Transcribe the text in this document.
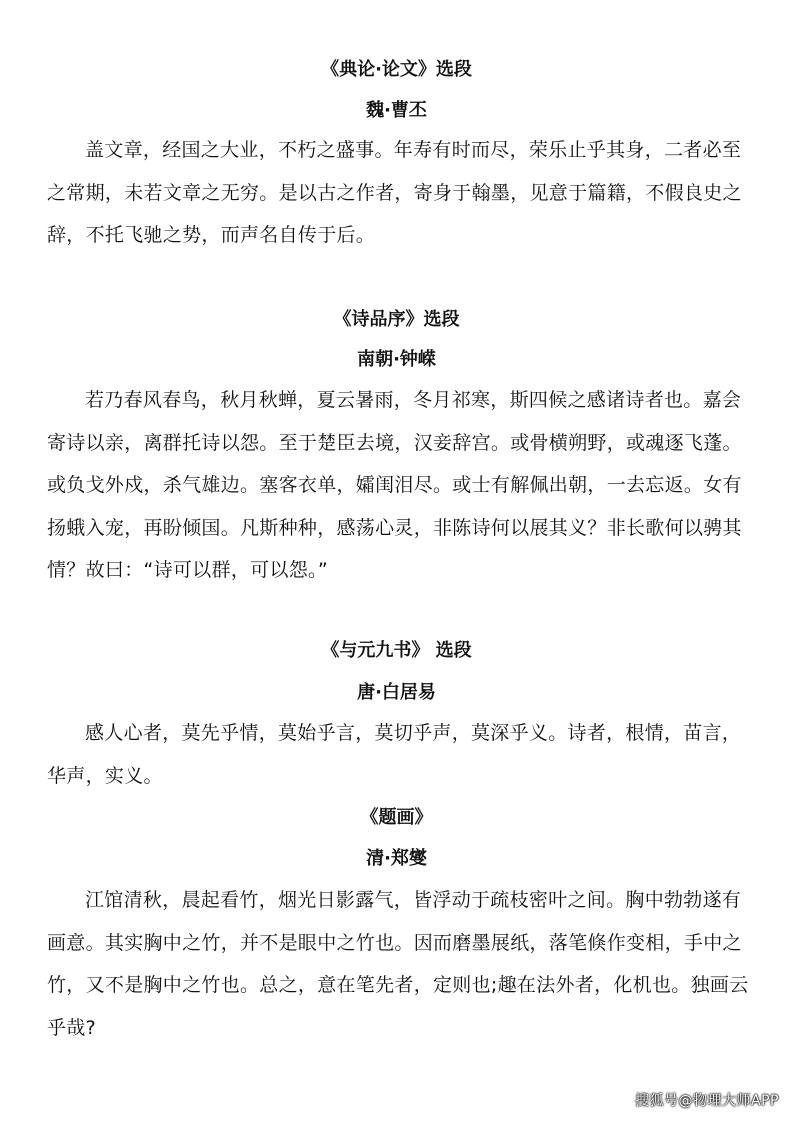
《典论·论文》选段
魏·曹丕

盖文章，经国之大业，不朽之盛事。年寿有时而尽，荣乐止乎其身，二者必至之常期，未若文章之无穷。是以古之作者，寄身于翰墨，见意于篇籍，不假良史之辞，不托飞驰之势，而声名自传于后。

《诗品序》选段
南朝·钟嵘

若乃春风春鸟，秋月秋蝉，夏云暑雨，冬月祁寒，斯四候之感诸诗者也。嘉会寄诗以亲，离群托诗以怨。至于楚臣去境，汉妾辞宫。或骨横朔野，或魂逐飞蓬。或负戈外戍，杀气雄边。塞客衣单，孀闺泪尽。或士有解佩出朝，一去忘返。女有扬蛾入宠，再盼倾国。凡斯种种，感荡心灵，非陈诗何以展其义？非长歌何以骋其情？故曰：“诗可以群，可以怨。”

《与元九书》 选段
唐·白居易

感人心者，莫先乎情，莫始乎言，莫切乎声，莫深乎义。诗者，根情，苗言，华声，实义。

《题画》
清·郑燮

江馆清秋，晨起看竹，烟光日影露气，皆浮动于疏枝密叶之间。胸中勃勃遂有画意。其实胸中之竹，并不是眼中之竹也。因而磨墨展纸，落笔倏作变相，手中之竹，又不是胸中之竹也。总之，意在笔先者，定则也;趣在法外者，化机也。独画云乎哉?

搜狐号@物理大师APP
